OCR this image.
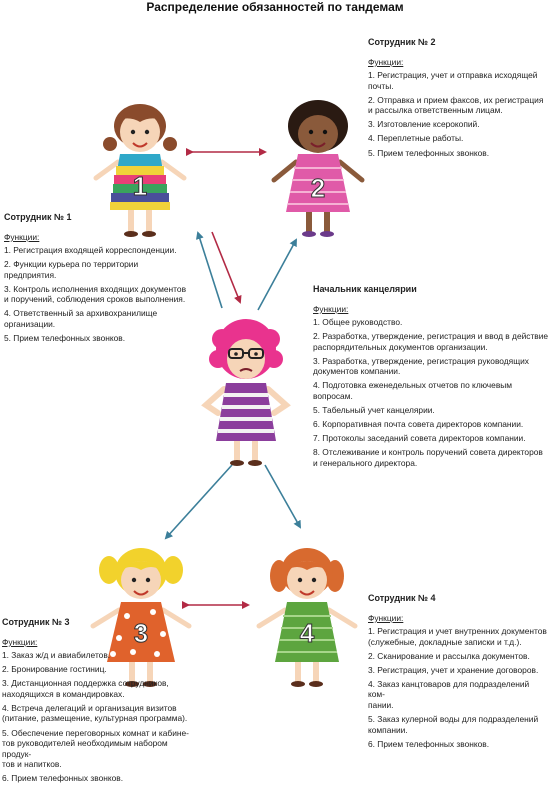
Распределение обязанностей по тандемам
1	2
3	4
Сотрудник № 2
Функции:
1. Регистрация, учет и отправка исходящей
почты.
2. Отправка и прием факсов, их регистрация
и рассылка ответственным лицам.
3. Изготовление ксерокопий.
4. Переплетные работы.
5. Прием телефонных звонков.
Сотрудник № 1
Функции:
1. Регистрация входящей корреспонденции.
2. Функции курьера по территории
предприятия.
3. Контроль исполнения входящих документов
и поручений, соблюдения сроков выполнения.
4. Ответственный за архивохранилище
организации.
5. Прием телефонных звонков.
Начальник канцелярии
Функции:
1. Общее руководство.
2. Разработка, утверждение, регистрация и ввод в действие
распорядительных документов организации.
3. Разработка, утверждение, регистрация руководящих
документов компании.
4. Подготовка еженедельных отчетов по ключевым вопросам.
5. Табельный учет канцелярии.
6. Корпоративная почта совета директоров компании.
7. Протоколы заседаний совета директоров компании.
8. Отслеживание и контроль поручений совета директоров
и генерального директора.
Сотрудник № 3
Функции:
1. Заказ ж/д и авиабилетов.
2. Бронирование гостиниц.
3. Дистанционная поддержка сотрудников,
находящихся в командировках.
4. Встреча делегаций и организация визитов
(питание, размещение, культурная программа).
5. Обеспечение переговорных комнат и кабине-
тов руководителей необходимым набором продук-
тов и напитков.
6. Прием телефонных звонков.
Сотрудник № 4
Функции:
1. Регистрация и учет внутренних документов
(служебные, докладные записки и т.д.).
2. Сканирование и рассылка документов.
3. Регистрация, учет и хранение договоров.
4. Заказ канцтоваров для подразделений ком-
пании.
5. Заказ кулерной воды для подразделений
компании.
6. Прием телефонных звонков.
